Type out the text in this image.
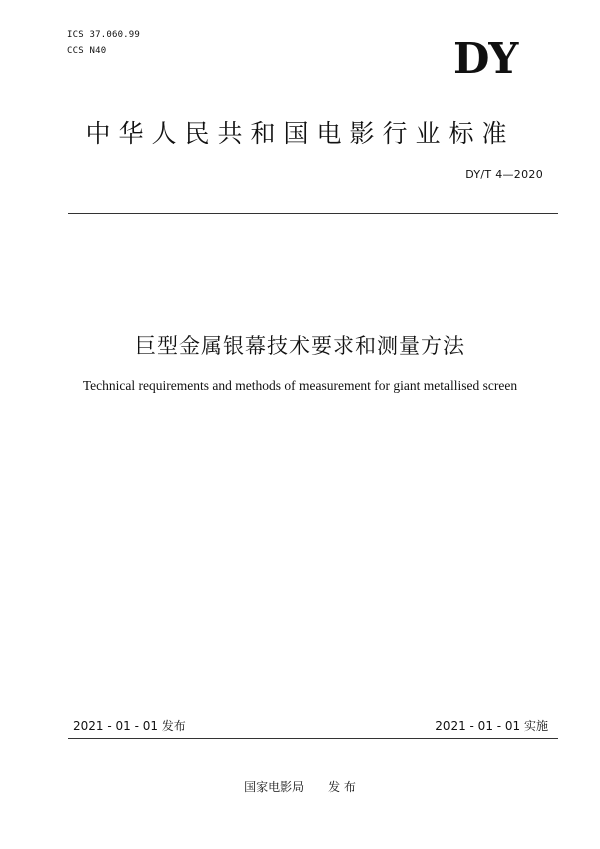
ICS 37.060.99
CCS N40	DY
中华人民共和国电影行业标准
DY/T 4—2020
巨型金属银幕技术要求和测量方法
Technical requirements and methods of measurement for giant metallised screen
2021 - 01 - 01 发布	2021 - 01 - 01 实施
国家电影局 发 布
